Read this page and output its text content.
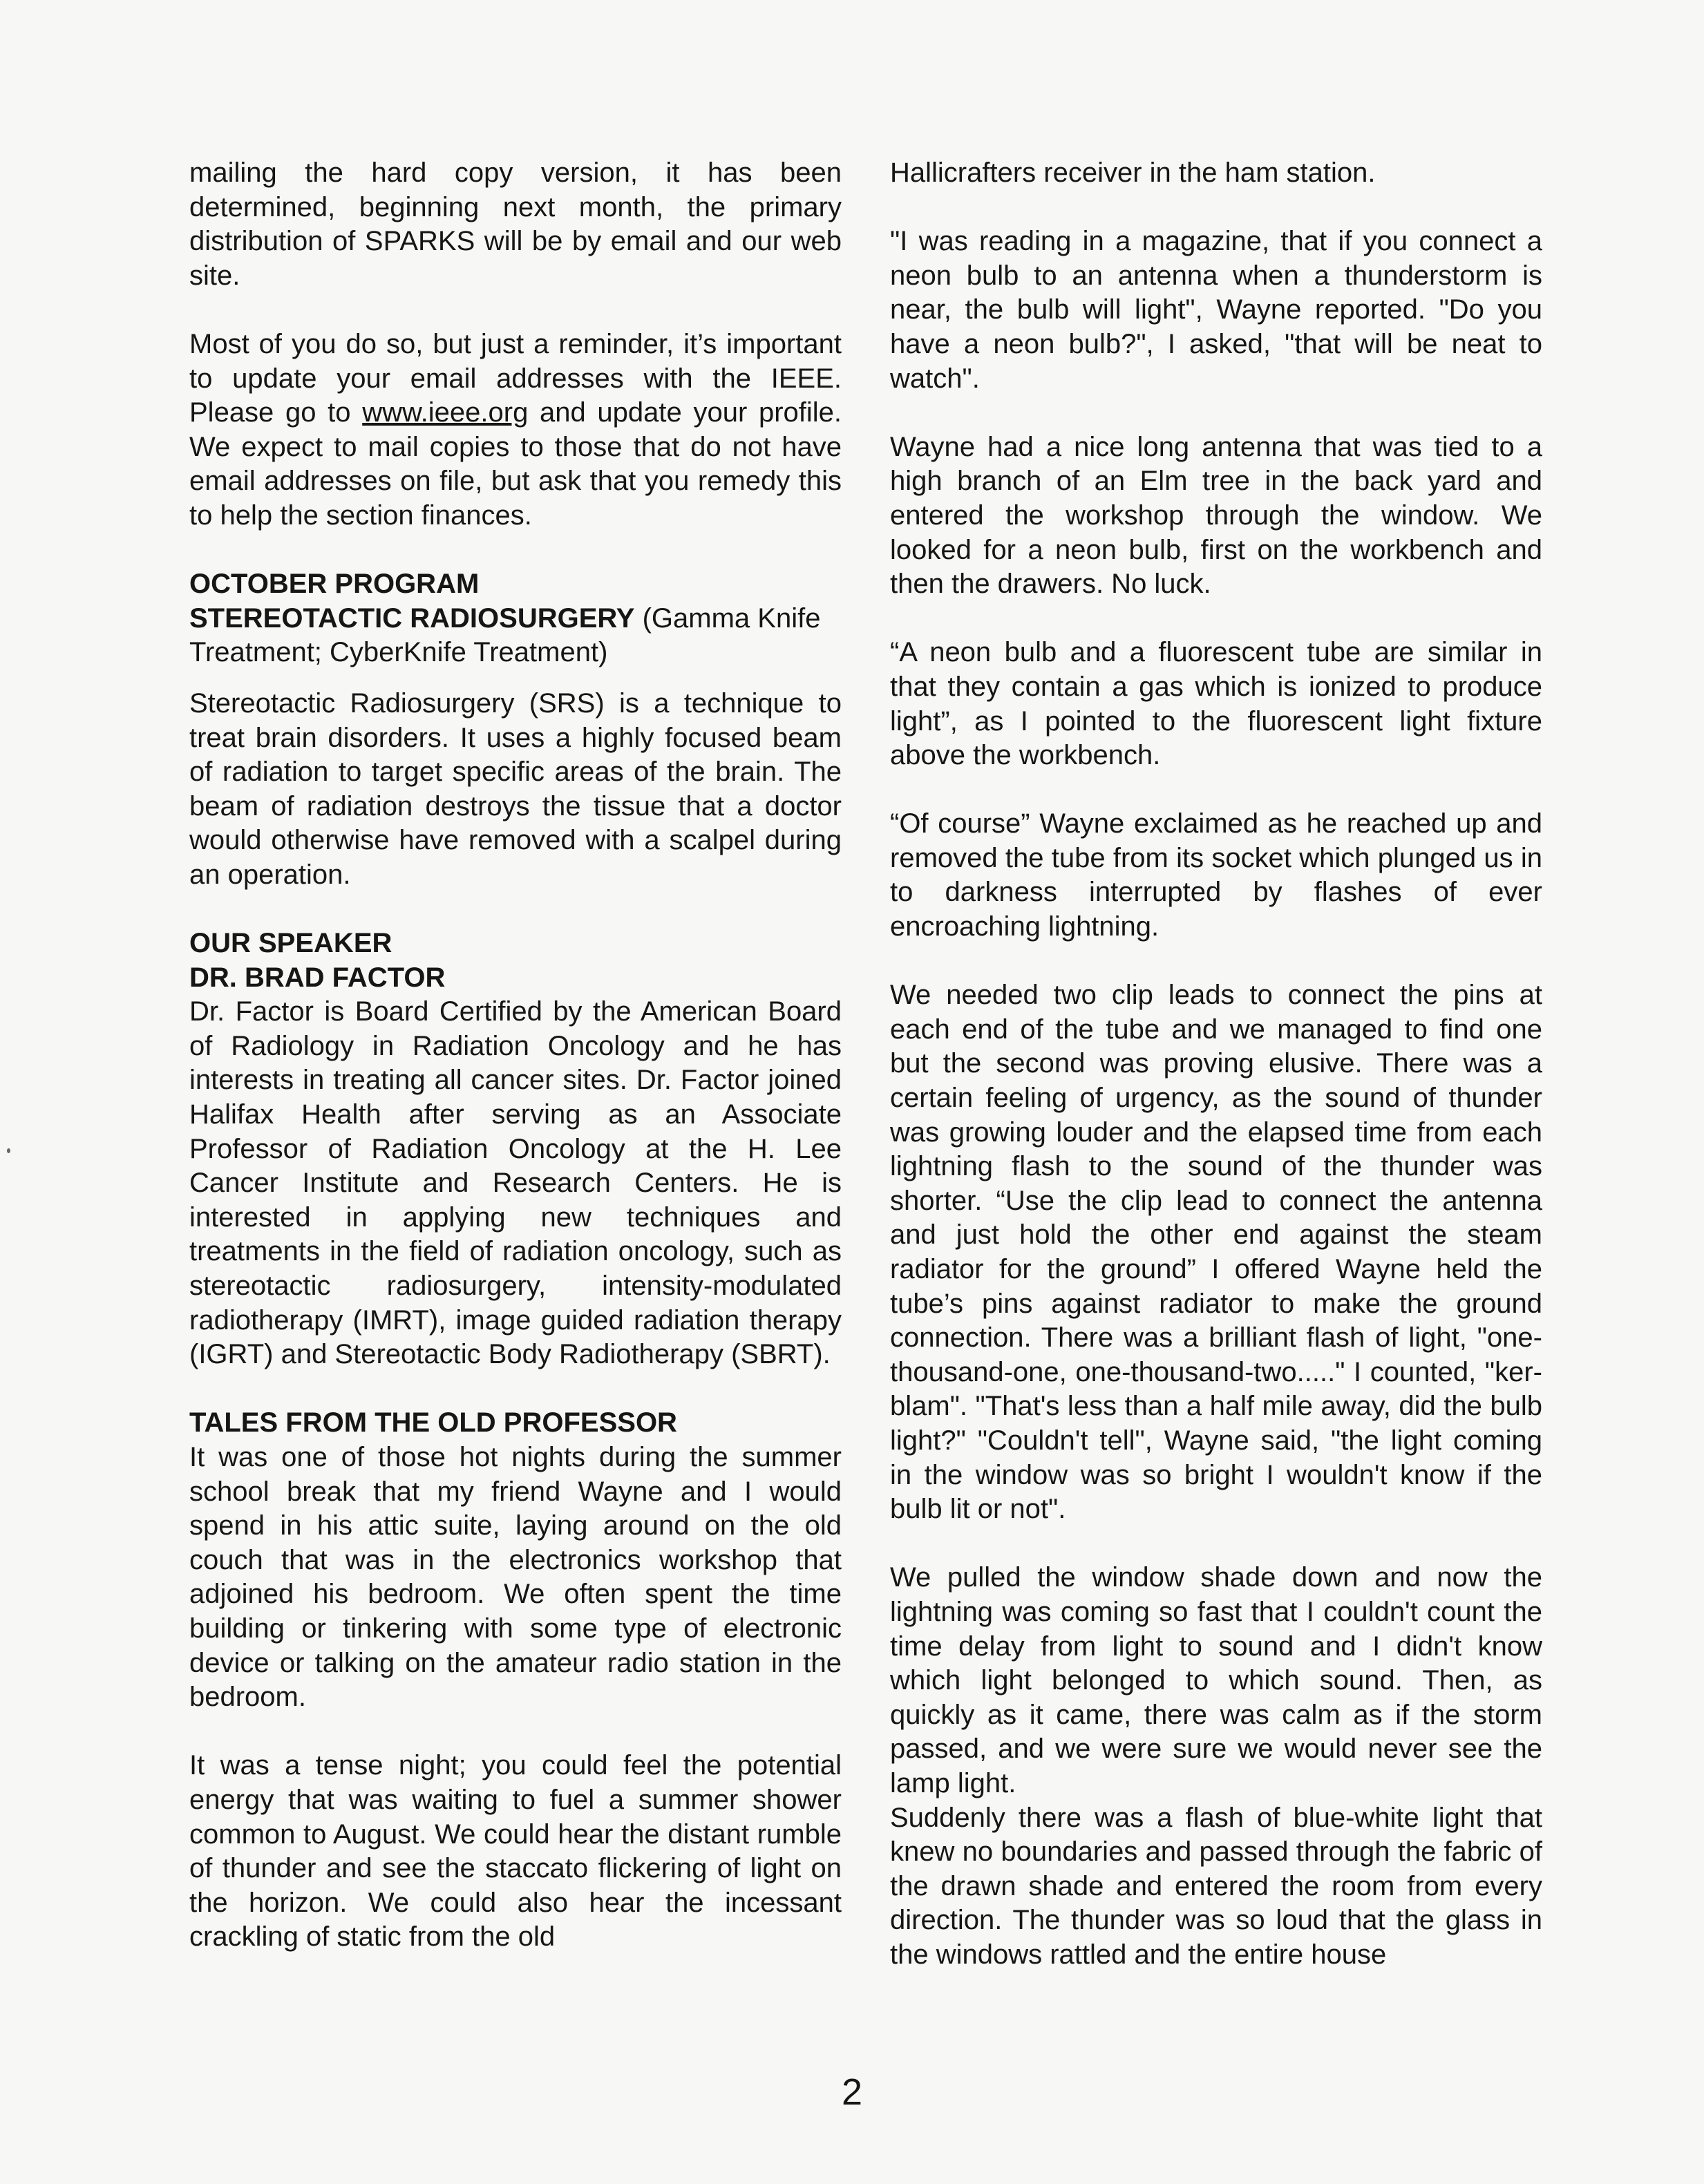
mailing the hard copy version, it has been determined, beginning next month, the primary distribution of SPARKS will be by email and our web site.

Most of you do so, but just a reminder, it’s important to update your email addresses with the IEEE. Please go to www.ieee.org and update your profile. We expect to mail copies to those that do not have email addresses on file, but ask that you remedy this to help the section finances.

OCTOBER PROGRAM

STEREOTACTIC RADIOSURGERY (Gamma Knife Treatment; CyberKnife Treatment)

Stereotactic Radiosurgery (SRS) is a technique to treat brain disorders. It uses a highly focused beam of radiation to target specific areas of the brain. The beam of radiation destroys the tissue that a doctor would otherwise have removed with a scalpel during an operation.

OUR SPEAKER

DR. BRAD FACTOR

Dr. Factor is Board Certified by the American Board of Radiology in Radiation Oncology and he has interests in treating all cancer sites. Dr. Factor joined Halifax Health after serving as an Associate Professor of Radiation Oncology at the H. Lee Cancer Institute and Research Centers. He is interested in applying new techniques and treatments in the field of radiation oncology, such as stereotactic radiosurgery, intensity-modulated radiotherapy (IMRT), image guided radiation therapy (IGRT) and Stereotactic Body Radiotherapy (SBRT).

TALES FROM THE OLD PROFESSOR

It was one of those hot nights during the summer school break that my friend Wayne and I would spend in his attic suite, laying around on the old couch that was in the electronics workshop that adjoined his bedroom. We often spent the time building or tinkering with some type of electronic device or talking on the amateur radio station in the bedroom.

It was a tense night; you could feel the potential energy that was waiting to fuel a summer shower common to August. We could hear the distant rumble of thunder and see the staccato flickering of light on the horizon. We could also hear the incessant crackling of static from the old

Hallicrafters receiver in the ham station.

"I was reading in a magazine, that if you connect a neon bulb to an antenna when a thunderstorm is near, the bulb will light", Wayne reported. "Do you have a neon bulb?", I asked, "that will be neat to watch".

Wayne had a nice long antenna that was tied to a high branch of an Elm tree in the back yard and entered the workshop through the window. We looked for a neon bulb, first on the workbench and then the drawers. No luck.

“A neon bulb and a fluorescent tube are similar in that they contain a gas which is ionized to produce light”, as I pointed to the fluorescent light fixture above the workbench.

“Of course” Wayne exclaimed as he reached up and removed the tube from its socket which plunged us in to darkness interrupted by flashes of ever encroaching lightning.

We needed two clip leads to connect the pins at each end of the tube and we managed to find one but the second was proving elusive. There was a certain feeling of urgency, as the sound of thunder was growing louder and the elapsed time from each lightning flash to the sound of the thunder was shorter. “Use the clip lead to connect the antenna and just hold the other end against the steam radiator for the ground” I offered Wayne held the tube’s pins against radiator to make the ground connection. There was a brilliant flash of light, "one-thousand-one, one-thousand-two....." I counted, "ker-blam". "That's less than a half mile away, did the bulb light?" "Couldn't tell", Wayne said, "the light coming in the window was so bright I wouldn't know if the bulb lit or not".

We pulled the window shade down and now the lightning was coming so fast that I couldn't count the time delay from light to sound and I didn't know which light belonged to which sound. Then, as quickly as it came, there was calm as if the storm passed, and we were sure we would never see the lamp light.

Suddenly there was a flash of blue-white light that knew no boundaries and passed through the fabric of the drawn shade and entered the room from every direction. The thunder was so loud that the glass in the windows rattled and the entire house

2
